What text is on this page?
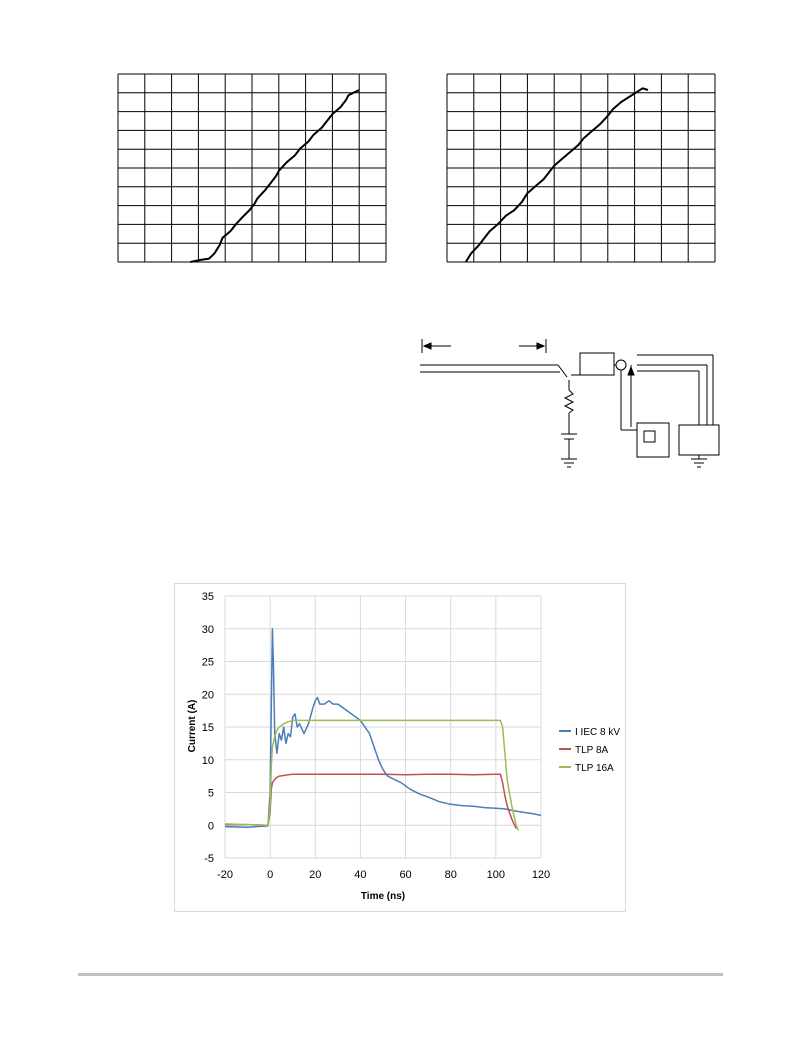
-5
0
5
10
15
20
25
30
35
-20	0	20	40	60	80	100 120
Time (ns)
Current (A)	I IEC 8 kV
TLP 8A
TLP 16A
